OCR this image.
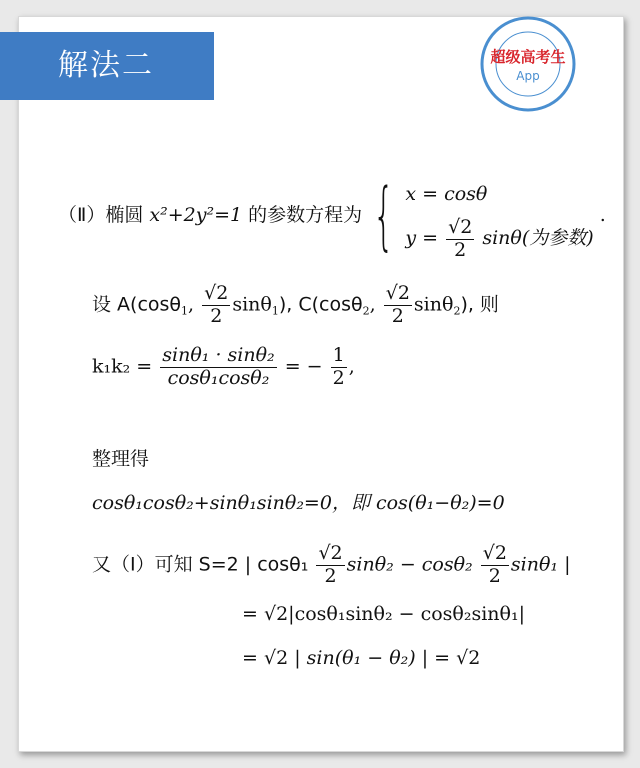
解法二	超级高考生
App
（Ⅱ）椭圆 x²+2y²=1 的参数方程为 { x = cosθ
$y = \frac{√2}{2} \sin\theta$(为参数)
.
设 A(cosθ$_1$, $\frac{√2}{2} \sin\theta_1$), C(cosθ$_2$, $\frac{√2}{2} \sin\theta_2$), 则
$k_1k_2 = \frac{\text{sinθ₁ · sinθ₂}}{\text{cosθ₁cosθ₂}}$ = − $\frac{1}{2}$ ,
整理得
cosθ₁cosθ₂+sinθ₁sinθ₂=0，即 cos(θ₁−θ₂)=0
又（Ⅰ）可知 S=2 | $\cos\theta_1 \frac{√2}{2} \sin\theta_2 - \cos\theta_2 \frac{√2}{2} \sin\theta_1$ |
= √2|cosθ₁sinθ₂ − cosθ₂sinθ₁|
= √2 | sin(θ₁ − θ₂) | = √2
